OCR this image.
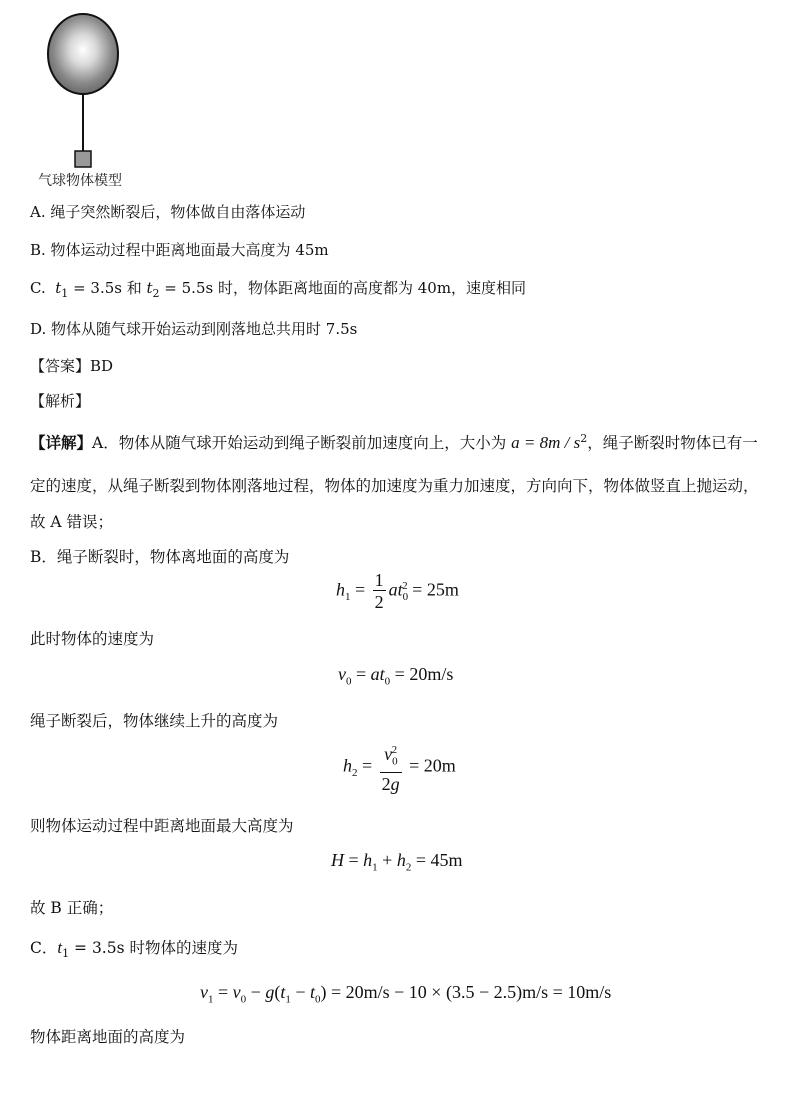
气球物体模型
A. 绳子突然断裂后，物体做自由落体运动
B. 物体运动过程中距离地面最大高度为 45m
C. $t_1 = 3.5s$ 和 $t_2 = 5.5s$ 时，物体距离地面的高度都为 40m，速度相同
D. 物体从随气球开始运动到刚落地总共用时 7.5s
【答案】BD
【解析】
【详解】A．物体从随气球开始运动到绳子断裂前加速度向上，大小为 $a = 8m / s^2$，绳子断裂时物体已有一
定的速度，从绳子断裂到物体刚落地过程，物体的加速度为重力加速度，方向向下，物体做竖直上抛运动，
故 A 错误；
B．绳子断裂时，物体离地面的高度为
$h_1 = \frac{1}{2} at_0^2 = 25m$
此时物体的速度为
$v_0 = at_0 = 20m/s$
绳子断裂后，物体继续上升的高度为
$h_2 = \frac{v_0^2}{2g} = 20m$
则物体运动过程中距离地面最大高度为
$H = h_1 + h_2 = 45m$
故 B 正确；
C．$t_1 = 3.5s$ 时物体的速度为
$v_1 = v_0 - g(t_1 - t_0) = 20m/s - 10 \times (3.5 - 2.5)m/s = 10m/s$
物体距离地面的高度为
